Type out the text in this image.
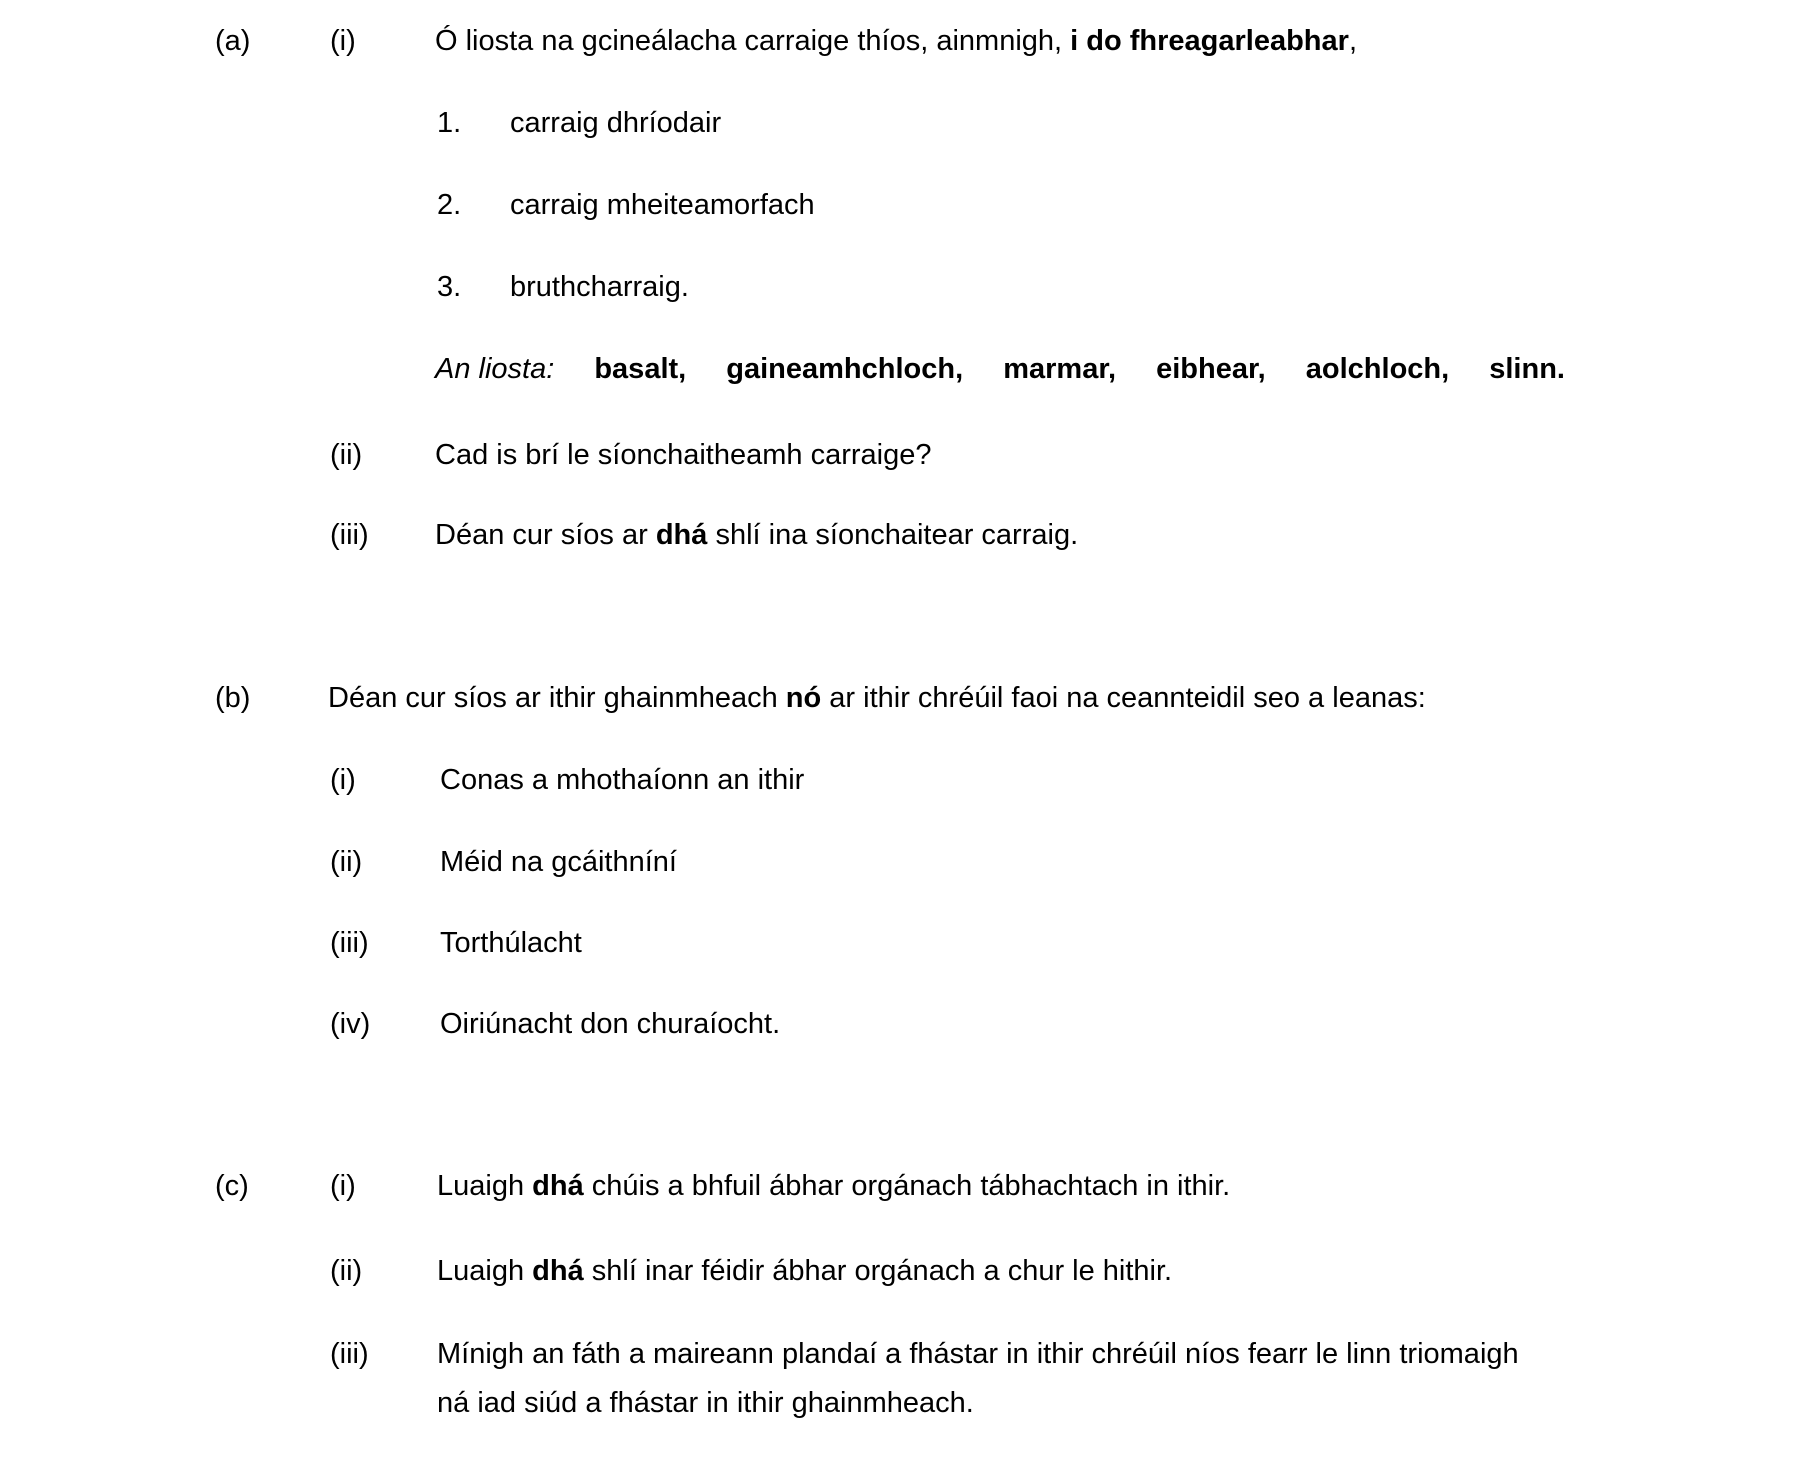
(a)	(i)	Ó liosta na gcineálacha carraige thíos, ainmnigh, i do fhreagarleabhar,
1. carraig dhríodair
2. carraig mheiteamorfach
3. bruthcharraig.
An liosta: basalt, gaineamhchloch, marmar, eibhear, aolchloch, slinn.
(ii)	Cad is brí le síonchaitheamh carraige?
(iii) Déan cur síos ar dhá shlí ina síonchaitear carraig.
(b)	Déan cur síos ar ithir ghainmheach nó ar ithir chréúil faoi na ceannteidil seo a leanas:
(i)	Conas a mhothaíonn an ithir
(ii)	Méid na gcáithníní
(iii) Torthúlacht
(iv) Oiriúnacht don churaíocht.
(c)	(i)	Luaigh dhá chúis a bhfuil ábhar orgánach tábhachtach in ithir.
(ii)	Luaigh dhá shlí inar féidir ábhar orgánach a chur le hithir.
(iii) Mínigh an fáth a maireann plandaí a fhástar in ithir chréúil níos fearr le linn triomaigh
ná iad siúd a fhástar in ithir ghainmheach.
